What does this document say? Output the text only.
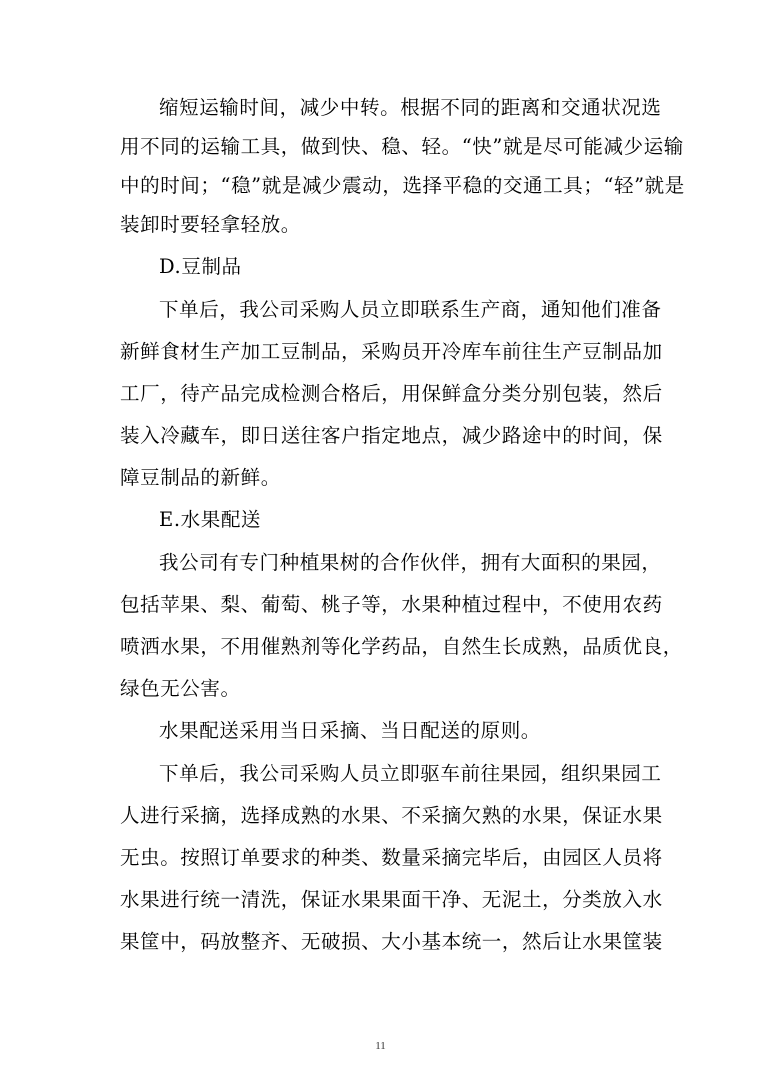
缩短运输时间，减少中转。根据不同的距离和交通状况选
用不同的运输工具，做到快、稳、轻。“快”就是尽可能减少运输
中的时间；“稳”就是减少震动，选择平稳的交通工具；“轻”就是
装卸时要轻拿轻放。
D.豆制品
下单后，我公司采购人员立即联系生产商，通知他们准备
新鲜食材生产加工豆制品，采购员开冷库车前往生产豆制品加
工厂，待产品完成检测合格后，用保鲜盒分类分别包装，然后
装入冷藏车，即日送往客户指定地点，减少路途中的时间，保
障豆制品的新鲜。
E.水果配送
我公司有专门种植果树的合作伙伴，拥有大面积的果园，
包括苹果、梨、葡萄、桃子等，水果种植过程中，不使用农药
喷洒水果，不用催熟剂等化学药品，自然生长成熟，品质优良，
绿色无公害。
水果配送采用当日采摘、当日配送的原则。
下单后，我公司采购人员立即驱车前往果园，组织果园工
人进行采摘，选择成熟的水果、不采摘欠熟的水果，保证水果
无虫。按照订单要求的种类、数量采摘完毕后，由园区人员将
水果进行统一清洗，保证水果果面干净、无泥土，分类放入水
果筐中，码放整齐、无破损、大小基本统一，然后让水果筐装
11
